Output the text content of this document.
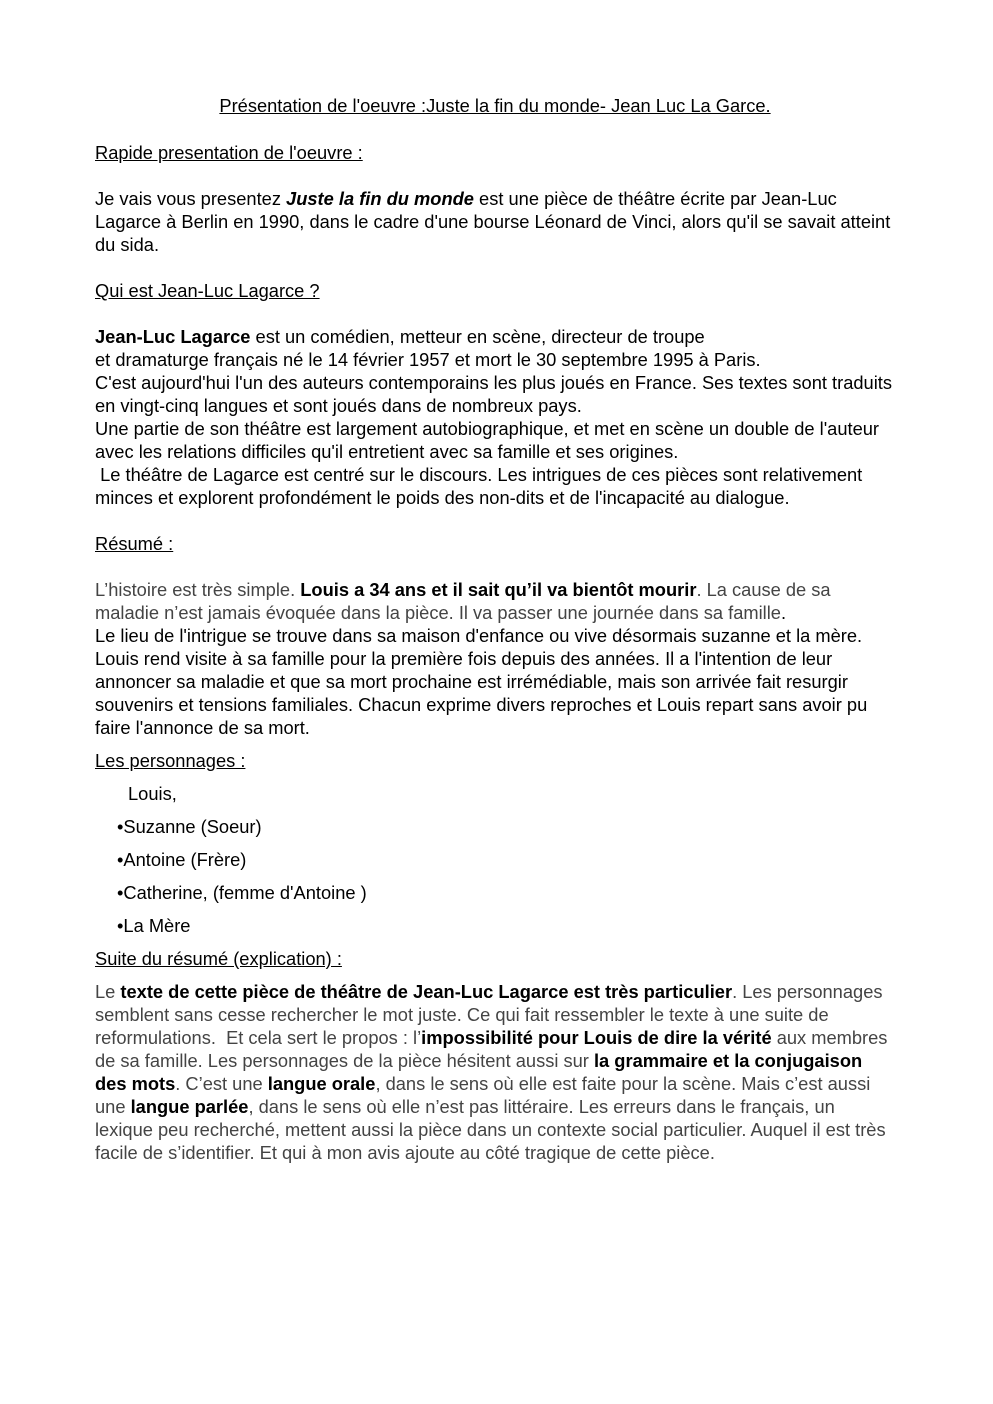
Présentation de l'oeuvre :Juste la fin du monde- Jean Luc La Garce.

Rapide presentation de l'oeuvre :

Je vais vous presentez Juste la fin du monde est une pièce de théâtre écrite par Jean-Luc Lagarce à Berlin en 1990, dans le cadre d'une bourse Léonard de Vinci, alors qu'il se savait atteint du sida.

Qui est Jean-Luc Lagarce ?

Jean-Luc Lagarce est un comédien, metteur en scène, directeur de troupe

et dramaturge français né le 14 février 1957 et mort le 30 septembre 1995 à Paris.

C'est aujourd'hui l'un des auteurs contemporains les plus joués en France. Ses textes sont traduits en vingt-cinq langues et sont joués dans de nombreux pays.

Une partie de son théâtre est largement autobiographique, et met en scène un double de l'auteur avec les relations difficiles qu'il entretient avec sa famille et ses origines.

Le théâtre de Lagarce est centré sur le discours. Les intrigues de ces pièces sont relativement minces et explorent profondément le poids des non-dits et de l'incapacité au dialogue.

Résumé :

L’histoire est très simple. Louis a 34 ans et il sait qu’il va bientôt mourir. La cause de sa maladie n’est jamais évoquée dans la pièce. Il va passer une journée dans sa famille.

Le lieu de l'intrigue se trouve dans sa maison d'enfance ou vive désormais suzanne et la mère.

Louis rend visite à sa famille pour la première fois depuis des années. Il a l'intention de leur annoncer sa maladie et que sa mort prochaine est irrémédiable, mais son arrivée fait resurgir souvenirs et tensions familiales. Chacun exprime divers reproches et Louis repart sans avoir pu faire l'annonce de sa mort.

Les personnages :

Louis,

•Suzanne (Soeur)

•Antoine (Frère)

•Catherine, (femme d'Antoine )

•La Mère

Suite du résumé (explication) :

Le texte de cette pièce de théâtre de Jean-Luc Lagarce est très particulier. Les personnages semblent sans cesse rechercher le mot juste. Ce qui fait ressembler le texte à une suite de reformulations.  Et cela sert le propos : l’impossibilité pour Louis de dire la vérité aux membres de sa famille. Les personnages de la pièce hésitent aussi sur la grammaire et la conjugaison des mots. C’est une langue orale, dans le sens où elle est faite pour la scène. Mais c’est aussi une langue parlée, dans le sens où elle n’est pas littéraire. Les erreurs dans le français, un lexique peu recherché, mettent aussi la pièce dans un contexte social particulier. Auquel il est très facile de s’identifier. Et qui à mon avis ajoute au côté tragique de cette pièce.
